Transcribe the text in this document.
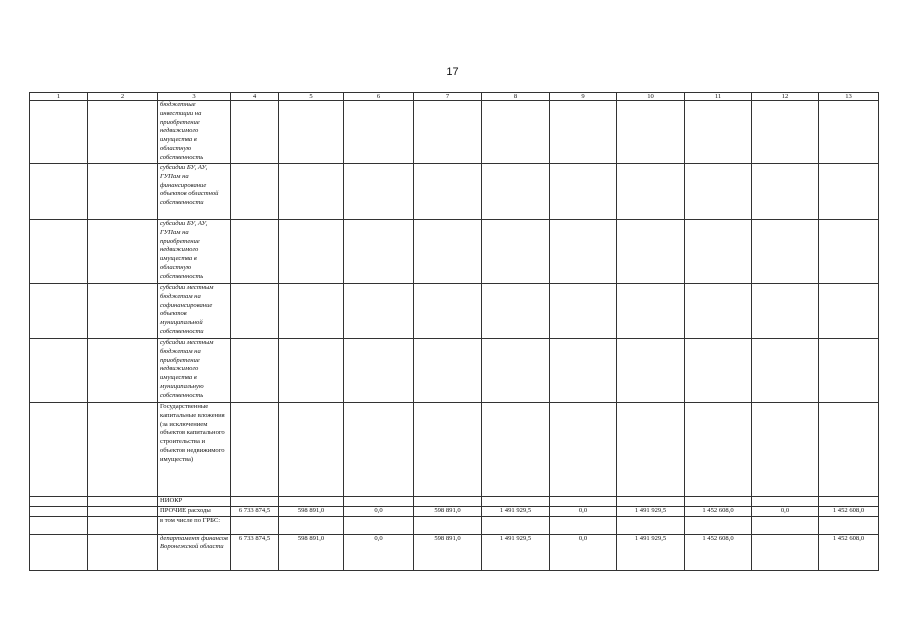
17
1	2	3	4	5	6	7	8	9	10	11	12	13
		бюджетные инвестиции на приобретение недвижимого имущества в областную собственность										
		субсидии БУ, АУ, ГУПам на финансирование объектов областной собственности										
		субсидии БУ, АУ, ГУПам на приобретение недвижимого имущества в областную собственность										
		субсидии местным бюджетам на софинансирование объектов муниципальной собственности										
		субсидии местным бюджетам на приобретение недвижимого имущества в муниципальную собственность										
		Государственные капитальные вложения (за исключением объектов капитального строительства и объектов недвижимого имущества)										
		НИОКР										
		ПРОЧИЕ расходы	6 733 874,5	598 891,0	0,0	598 891,0	1 491 929,5	0,0	1 491 929,5	1 452 608,0	0,0	1 452 608,0
		в том числе по ГРБС:										
		департамент финансов Воронежской области	6 733 874,5	598 891,0	0,0	598 891,0	1 491 929,5	0,0	1 491 929,5	1 452 608,0		1 452 608,0
